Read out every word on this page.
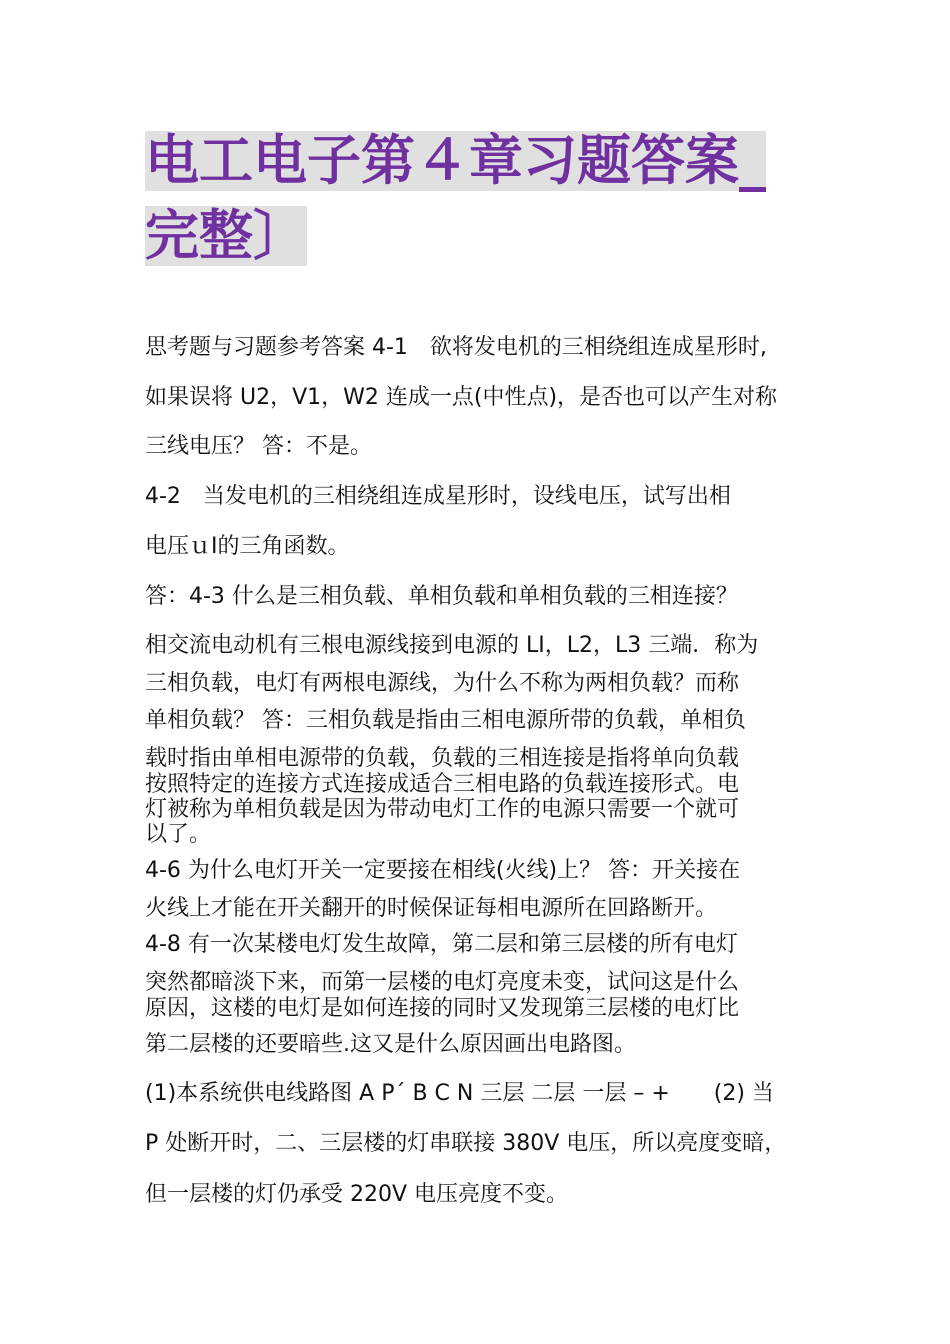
电工电子第４章习题答案_
完整〕
思考题与习题参考答案 4-1　欲将发电机的三相绕组连成星形时,
如果误将 U2，V1，W2 连成一点(中性点)，是否也可以产生对称
三线电压？ 答：不是。
4-2　当发电机的三相绕组连成星形时，设线电压，试写出相
电压ｕⅠ的三角函数。
答：4-3 什么是三相负载、单相负载和单相负载的三相连接？
相交流电动机有三根电源线接到电源的 LI，L2，L3 三端．称为
三相负载，电灯有两根电源线，为什么不称为两相负载？而称
单相负载？ 答：三相负载是指由三相电源所带的负载，单相负
载时指由单相电源带的负载，负载的三相连接是指将单向负载
按照特定的连接方式连接成适合三相电路的负载连接形式。电
灯被称为单相负载是因为带动电灯工作的电源只需要一个就可
以了。
4-6 为什么电灯开关一定要接在相线(火线)上？ 答：开关接在
火线上才能在开关翻开的时候保证每相电源所在回路断开。
4-8 有一次某楼电灯发生故障，第二层和第三层楼的所有电灯
突然都暗淡下来，而第一层楼的电灯亮度未变，试问这是什么
原因，这楼的电灯是如何连接的同时又发现第三层楼的电灯比
第二层楼的还要暗些.这又是什么原因画出电路图。
(1)本系统供电线路图 A P´ B C N 三层 二层 一层 – +　　(2) 当
P 处断开时，二、三层楼的灯串联接 380V 电压，所以亮度变暗，
但一层楼的灯仍承受 220V 电压亮度不变。
